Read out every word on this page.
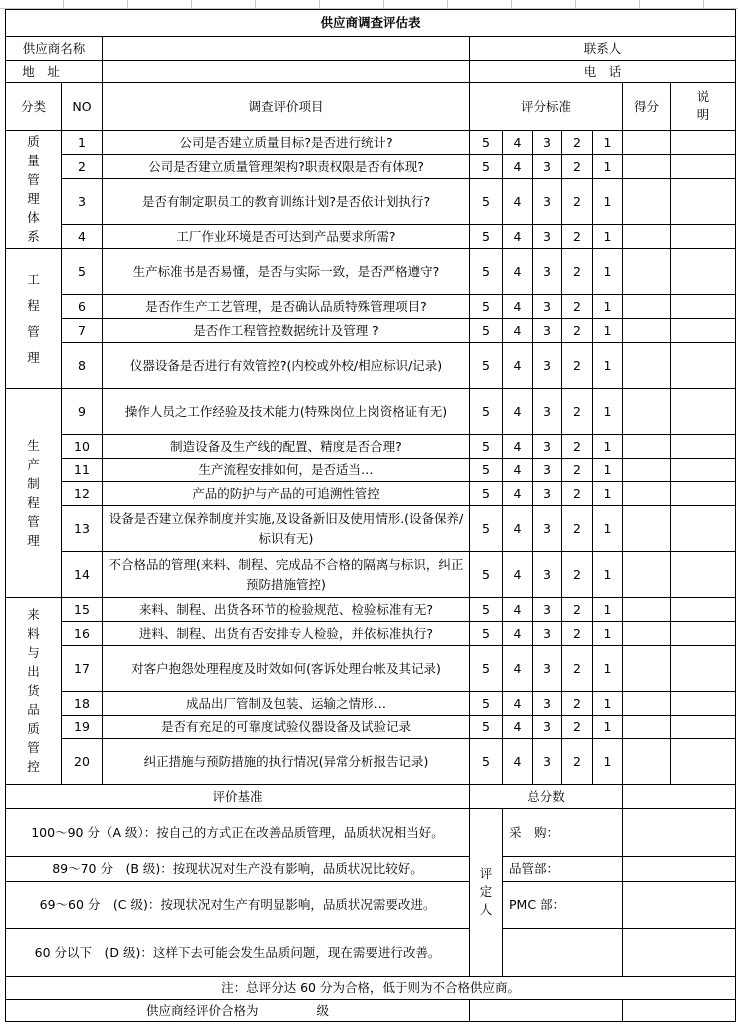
供应商调查评估表									
供应商名称			联系人						
地　址			电　话						
分类	NO	调查评价项目	评分标准					得分	说明
质量管理体系	1	公司是否建立质量目标?是否进行统计?	5	4	3	2	1		
	2	公司是否建立质量管理架构?职责权限是否有体现?	5	4	3	2	1		
	3	是否有制定职员工的教育训练计划?是否依计划执行?	5	4	3	2	1		
	4	工厂作业环境是否可达到产品要求所需?	5	4	3	2	1		
工程管理	5	生产标准书是否易懂，是否与实际一致，是否严格遵守?	5	4	3	2	1		
	6	是否作生产工艺管理，是否确认品质特殊管理项目?	5	4	3	2	1		
	7	是否作工程管控数据统计及管理 ?	5	4	3	2	1		
	8	仪器设备是否进行有效管控?(内校或外校/相应标识/记录)	5	4	3	2	1		
生产制程管理	9	操作人员之工作经验及技术能力(特殊岗位上岗资格证有无)	5	4	3	2	1		
	10	制造设备及生产线的配置、精度是否合理?	5	4	3	2	1		
	11	生产流程安排如何，是否适当…	5	4	3	2	1		
	12	产品的防护与产品的可追溯性管控	5	4	3	2	1		
	13	设备是否建立保养制度并实施,及设备新旧及使用情形.(设备保养/标识有无)	5	4	3	2	1		
	14	不合格品的管理(来料、制程、完成品不合格的隔离与标识，纠正预防措施管控)	5	4	3	2	1		
来料与出货品质管控	15	来料、制程、出货各环节的检验规范、检验标准有无?	5	4	3	2	1		
	16	进料、制程、出货有否安排专人检验，并依标准执行?	5	4	3	2	1		
	17	对客户抱怨处理程度及时效如何(客诉处理台帐及其记录)	5	4	3	2	1		
	18	成品出厂管制及包装、运输之情形…	5	4	3	2	1		
	19	是否有充足的可靠度试验仪器设备及试验记录	5	4	3	2	1		
	20	纠正措施与预防措施的执行情况(异常分析报告记录)	5	4	3	2	1		
评价基准			总分数						
100～90 分（A 级）：按自己的方式正在改善品质管理，品质状况相当好。			评定人	采　购：					
89～70 分　(B 级)：按现状况对生产没有影响，品质状况比较好。				品管部：					
69～60 分　(C 级)：按现状况对生产有明显影响，品质状况需要改进。				PMC 部：					
60 分以下　(D 级)：这样下去可能会发生品质问题，现在需要进行改善。									
注：总评分达 60 分为合格，低于则为不合格供应商。									
供应商经评价合格为 级									
